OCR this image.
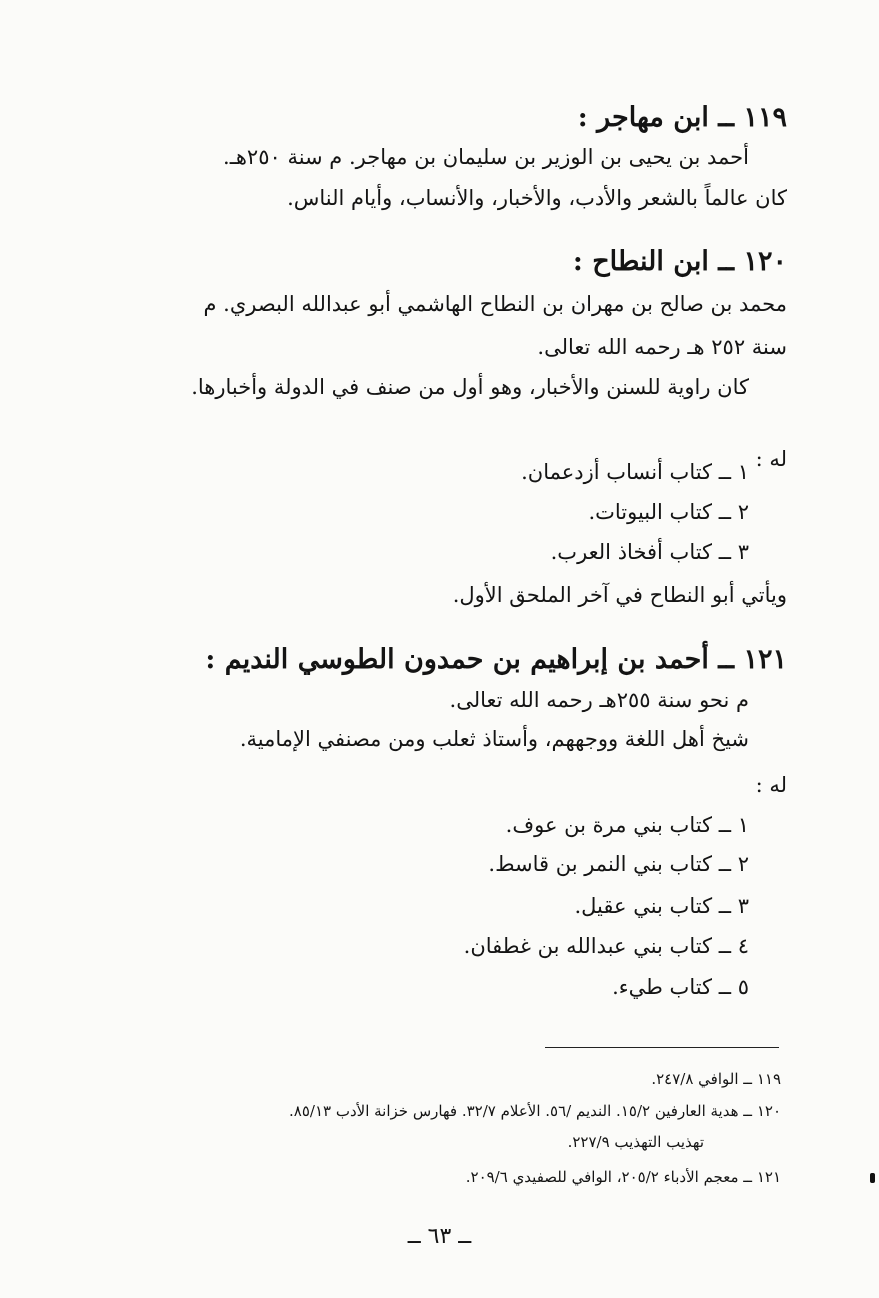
١١٩ ــ ابن مهاجر :
أحمد بن يحيى بن الوزير بن سليمان بن مهاجر. م سنة ٢٥٠هـ.
كان عالماً بالشعر والأدب، والأخبار، والأنساب، وأيام الناس.
١٢٠ ــ ابن النطاح :
محمد بن صالح بن مهران بن النطاح الهاشمي أبو عبدالله البصري. م
سنة ٢٥٢ هـ رحمه الله تعالى.
كان راوية للسنن والأخبار، وهو أول من صنف في الدولة وأخبارها.
له :
١ ــ كتاب أنساب أزدعمان.
٢ ــ كتاب البيوتات.
٣ ــ كتاب أفخاذ العرب.
ويأتي أبو النطاح في آخر الملحق الأول.
١٢١ ــ أحمد بن إبراهيم بن حمدون الطوسي النديم :
م نحو سنة ٢٥٥هـ رحمه الله تعالى.
شيخ أهل اللغة ووجههم، وأستاذ ثعلب ومن مصنفي الإمامية.
له :
١ ــ كتاب بني مرة بن عوف.
٢ ــ كتاب بني النمر بن قاسط.
٣ ــ كتاب بني عقيل.
٤ ــ كتاب بني عبدالله بن غطفان.
٥ ــ كتاب طيء.
١١٩ ــ الوافي ٢٤٧/٨.
١٢٠ ــ هدية العارفين ١٥/٢. النديم /٥٦. الأعلام ٣٢/٧. فهارس خزانة الأدب ٨٥/١٣.
تهذيب التهذيب ٢٢٧/٩.
١٢١ ــ معجم الأدباء ٢٠٥/٢، الوافي للصفيدي ٢٠٩/٦.
ــ ٦٣ ــ
